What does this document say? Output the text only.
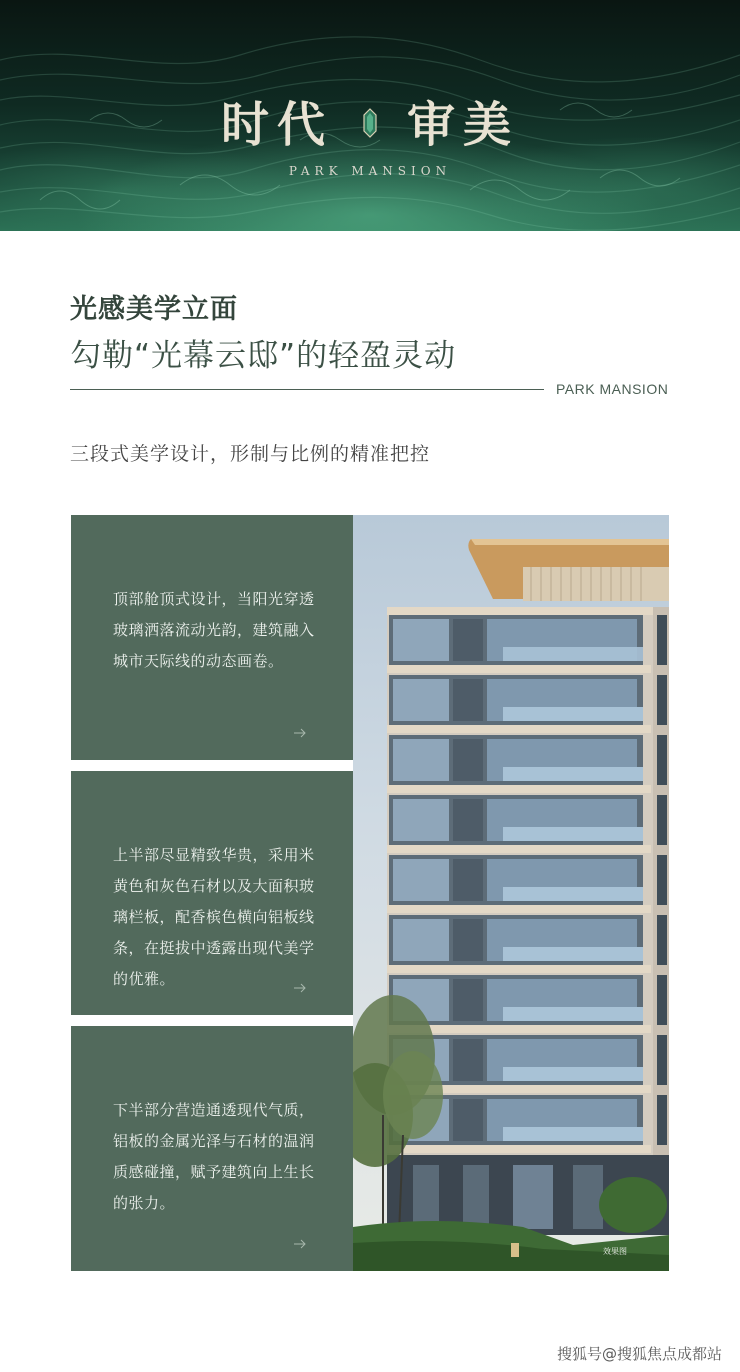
时代 审美
PARK MANSION
光感美学立面
勾勒“光幕云邸”的轻盈灵动
PARK MANSION
三段式美学设计，形制与比例的精准把控
顶部舱顶式设计，当阳光穿透玻璃洒落流动光韵，建筑融入城市天际线的动态画卷。
上半部尽显精致华贵，采用米黄色和灰色石材以及大面积玻璃栏板，配香槟色横向铝板线条，在挺拔中透露出现代美学的优雅。
下半部分营造通透现代气质，铝板的金属光泽与石材的温润质感碰撞，赋予建筑向上生长的张力。
效果图
搜狐号@搜狐焦点成都站
